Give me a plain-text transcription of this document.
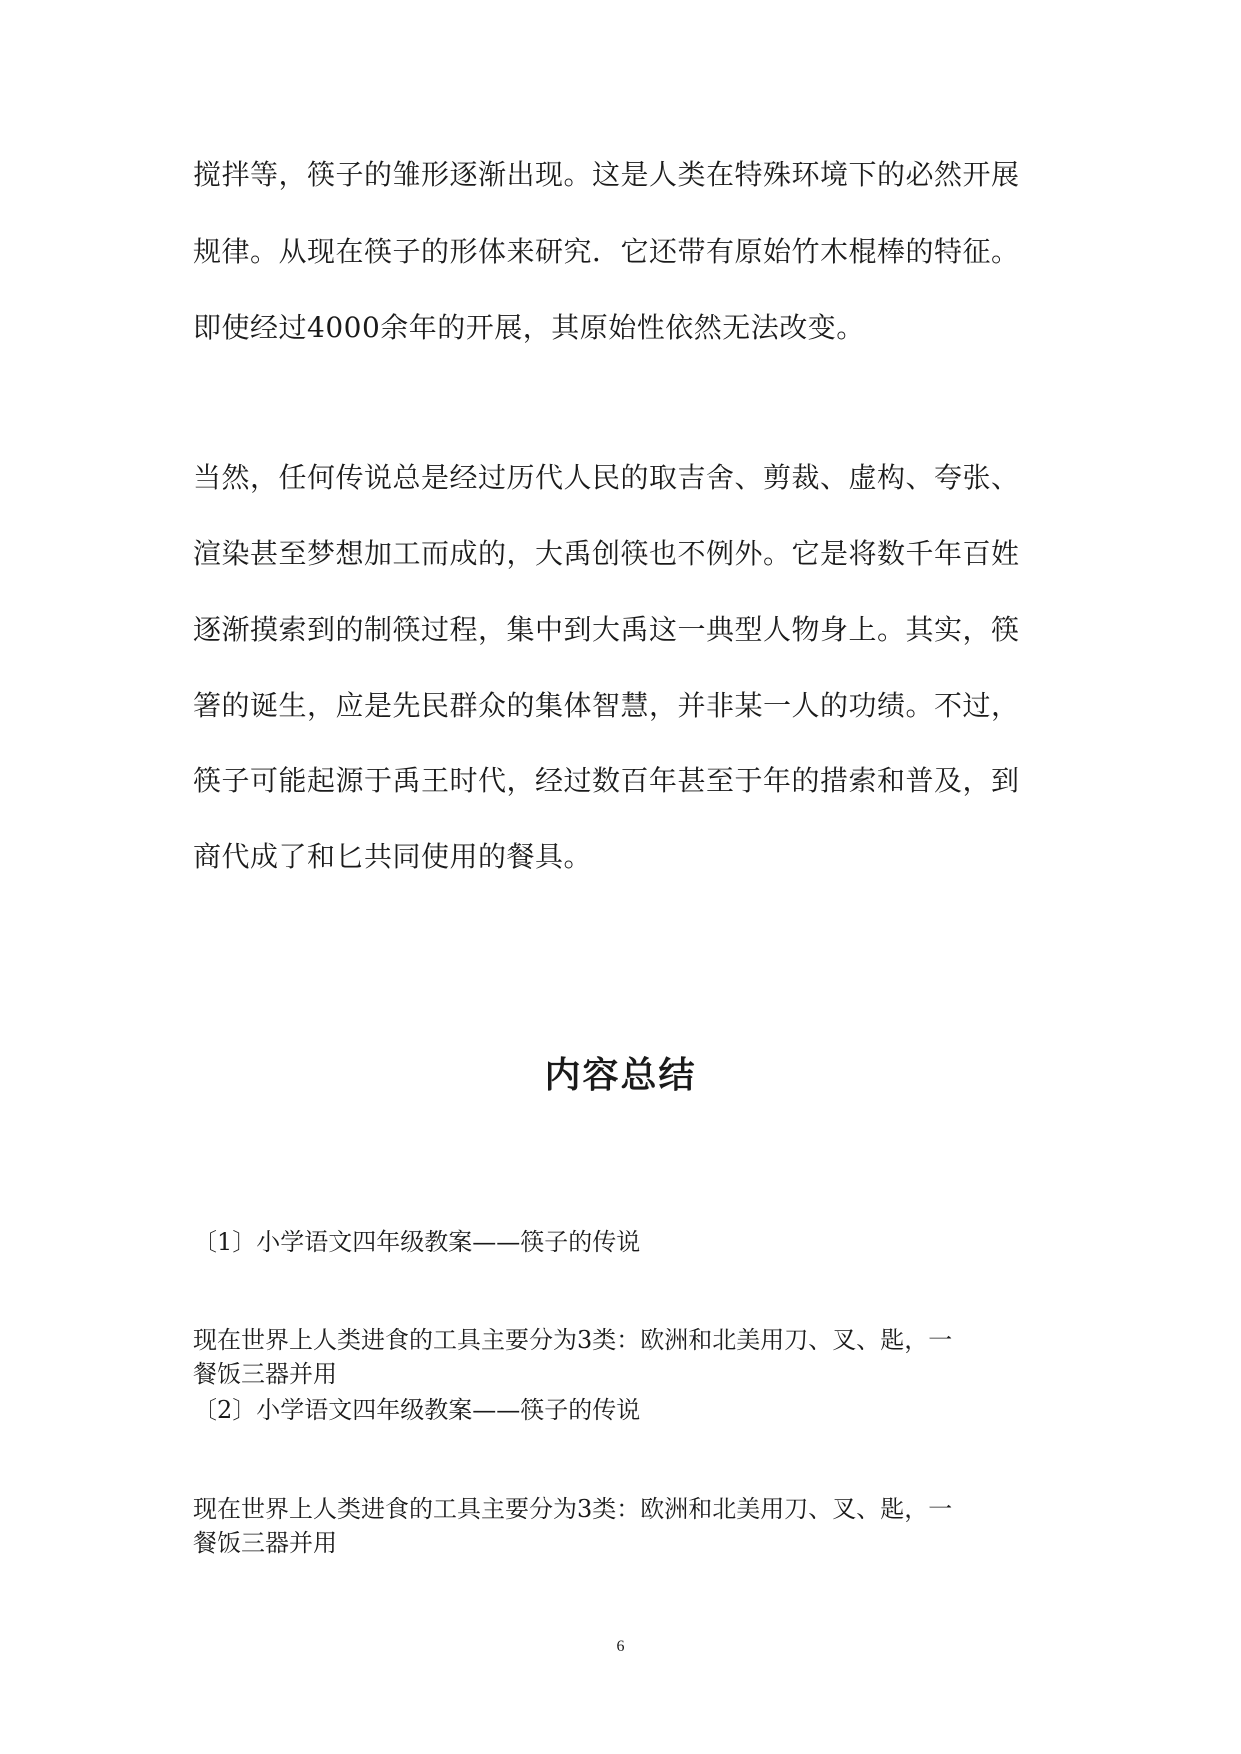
搅拌等，筷子的雏形逐渐出现。这是人类在特殊环境下的必然开展
规律。从现在筷子的形体来研究．它还带有原始竹木棍棒的特征。
即使经过4000余年的开展，其原始性依然无法改变。
当然，任何传说总是经过历代人民的取吉舍、剪裁、虚构、夸张、
渲染甚至梦想加工而成的，大禹创筷也不例外。它是将数千年百姓
逐渐摸索到的制筷过程，集中到大禹这一典型人物身上。其实，筷
箸的诞生，应是先民群众的集体智慧，并非某一人的功绩。不过，
筷子可能起源于禹王时代，经过数百年甚至于年的措索和普及，到
商代成了和匕共同使用的餐具。
内容总结
〔1〕小学语文四年级教案——筷子的传说
现在世界上人类进食的工具主要分为3类：欧洲和北美用刀、叉、匙，一
餐饭三器并用
〔2〕小学语文四年级教案——筷子的传说
现在世界上人类进食的工具主要分为3类：欧洲和北美用刀、叉、匙，一
餐饭三器并用
6
